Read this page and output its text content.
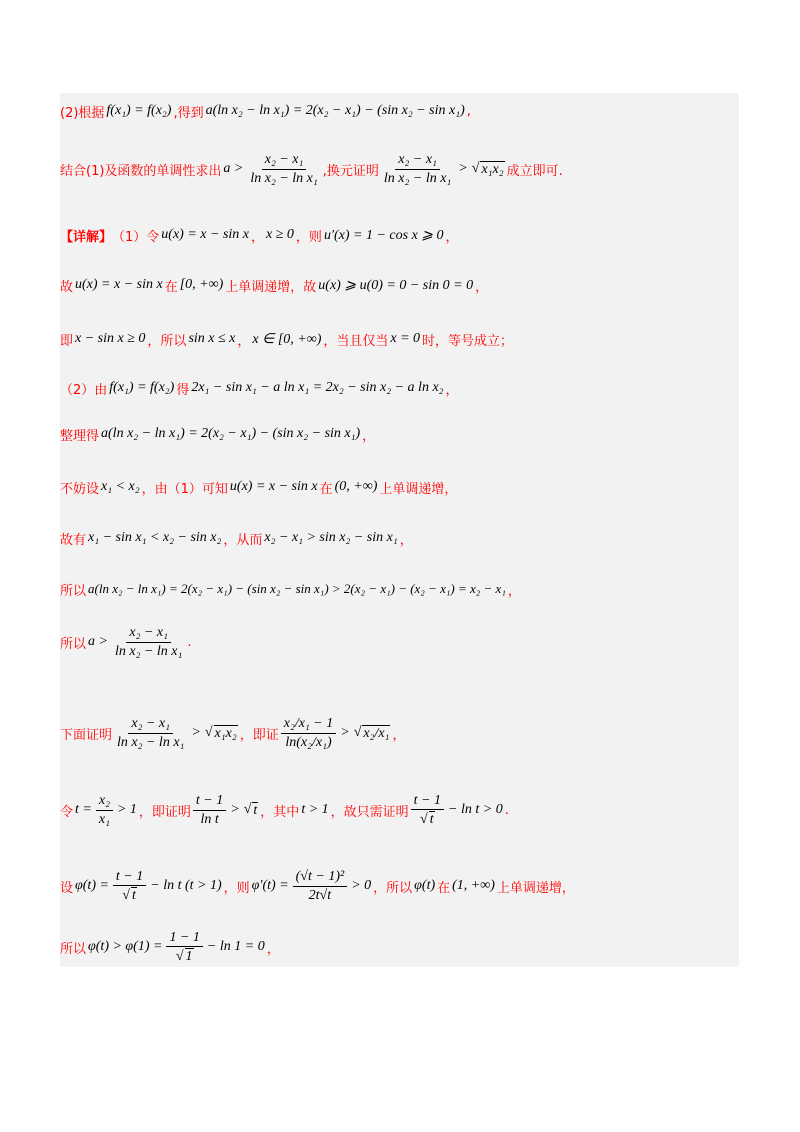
(2)根据 f(x₁) = f(x₂) ,得到 a(ln x₂ − ln x₁) = 2(x₂ − x₁) − (sin x₂ − sin x₁) ,
结合(1)及函数的单调性求出 $a > \frac{\text{x₂ − x₁}}{\text{ln x₂ − ln x₁}}$ ,换元证明 $\frac{\text{x₂ − x₁}}{\text{ln x₂ − ln x₁}}$ > √ x₁x₂ 成立即可.
【详解】 （1）令 u(x) = x − sin x ， x ≥ 0 ，则 u′(x) = 1 − cos x ⩾ 0 ，
故 u(x) = x − sin x 在 [0, +∞) 上单调递增，故 u(x) ⩾ u(0) = 0 − sin 0 = 0 ，
即 x − sin x ≥ 0 ，所以 sin x ≤ x ， x ∈ [0, +∞) ，当且仅当 x = 0 时，等号成立；
（2）由 f(x₁) = f(x₂) 得 2x₁ − sin x₁ − a ln x₁ = 2x₂ − sin x₂ − a ln x₂ ，
整理得 a(ln x₂ − ln x₁) = 2(x₂ − x₁) − (sin x₂ − sin x₁) ，
不妨设 x₁ < x₂ ，由（1）可知 u(x) = x − sin x 在 (0, +∞) 上单调递增，
故有 x₁ − sin x₁ < x₂ − sin x₂ ，从而 x₂ − x₁ > sin x₂ − sin x₁ ，
所以 a(ln x₂ − ln x₁) = 2(x₂ − x₁) − (sin x₂ − sin x₁) > 2(x₂ − x₁) − (x₂ − x₁) = x₂ − x₁ ，
所以 $a > \frac{\text{x₂ − x₁}}{\text{ln x₂ − ln x₁}}$ .
下面证明 $\frac{\text{x₂ − x₁}}{\text{ln x₂ − ln x₁}}$ > √ x₁x₂ ，即证 $\frac{\text{x₂/x₁ − 1}}{\text{ln(x₂/x₁)}}$ > √ x₂/x₁ ，
令 $t = \frac{\text{x₂}}{\text{x₁}} > 1$ ，即证明 $\frac{t - 1}{\text{ln t}}$ > √ t ，其中 t > 1 ，故只需证明 $\frac{t - 1}{√ t} - \ln t > 0$ .
设 $\varphi(t) = \frac{t - 1}{√ t} - \ln t$ (t > 1) ，则 $\varphi'(t) = \frac{\text{(√t − 1)²}}{2t√t} > 0$ ，所以 φ(t) 在 (1, +∞) 上单调递增，
所以 $\varphi(t) > \varphi(1) = \frac{1 - 1}{√ 1} - \ln 1 = 0$ ，
